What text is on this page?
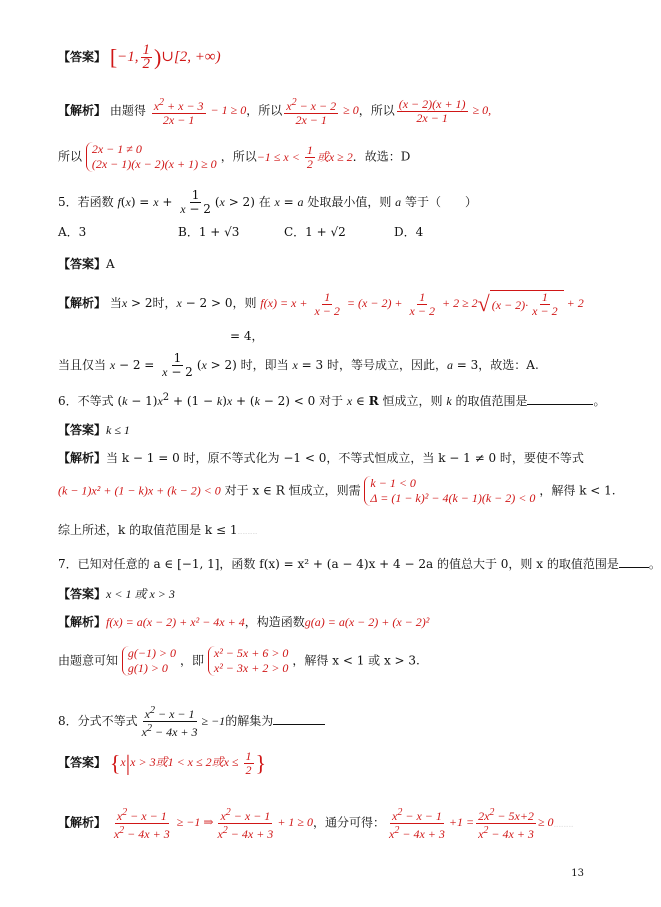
【答案】 [−1, $\frac{1}{2}$ )∪[2, +∞)
【解析】 由题得 $\frac{x^2 + x - 3}{2x - 1} - 1 \ge 0$，所以 $\frac{x^2 - x - 2}{2x - 1} \ge 0$，所以 $\frac{(x - 2)(x + 1)}{2x - 1} \ge 0$,
所以
2x − 1 ≠ 0
(2x − 1)(x − 2)(x + 1) ≥ 0
，所以$-1 \le x < \frac{1}{2}$ 或x ≥ 2．故选：D
5．若函数 $f(x) = x + \frac{1}{x - 2} (x > 2)$ 在 x = a 处取最小值，则 a 等于（　　）
A．3	B．1 + √3	C．1 + √2	D．4
【答案】A
【解析】 当x > 2时，x − 2 > 0，则 $f(x) = x + \frac{1}{x - 2} = (x - 2) + \frac{1}{x - 2} + 2 \ge 2$ √ $(x - 2)\cdot \frac{1}{x - 2} + 2$
= 4，
当且仅当 $x - 2 = \frac{1}{x - 2} (x > 2)$ 时，即当 x = 3 时，等号成立，因此，a = 3，故选：A.
6．不等式 $(k - 1)x^2 + (1 - k)x + (k - 2) < 0$ 对于 x ∈ R 恒成立，则 k 的取值范围是	。
【答案】k ≤ 1
【解析】当 k − 1 = 0 时，原不等式化为 −1 < 0，不等式恒成立，当 k − 1 ≠ 0 时，要使不等式
(k − 1)x² + (1 − k)x + (k − 2) < 0 对于 x ∈ R 恒成立，则需
k − 1 < 0
Δ = (1 − k)² − 4(k − 1)(k − 2) < 0
，解得 k < 1.
综上所述，k 的取值范围是 k ≤ 1…………
7．已知对任意的 a ∈ [−1, 1]，函数 f(x) = x² + (a − 4)x + 4 − 2a 的值总大于 0，则 x 的取值范围是	。
【答案】x < 1 或 x > 3
【解析】f(x) = a(x − 2) + x² − 4x + 4，构造函数g(a) = a(x − 2) + (x − 2)²
由题意可知
g(−1) > 0
g(1) > 0
，即
x² − 5x + 6 > 0
x² − 3x + 2 > 0
，解得 x < 1 或 x > 3.
8．分式不等式 $\frac{x^2 - x - 1}{x^2 - 4x + 3} \ge -1$的解集为
【答案】 {x|x > 3或1 < x ≤ 2或$x \le \frac{1}{2}$ }
【解析】 $\frac{x^2 - x - 1}{x^2 - 4x + 3} \ge -1$ ⇒ $\frac{x^2 - x - 1}{x^2 - 4x + 3} + 1 \ge 0$，通分可得： $\frac{x^2 - x - 1}{x^2 - 4x + 3} +1 = \frac{2x^2 - 5x+2}{x^2 - 4x + 3}$ ≥ 0…………
13
